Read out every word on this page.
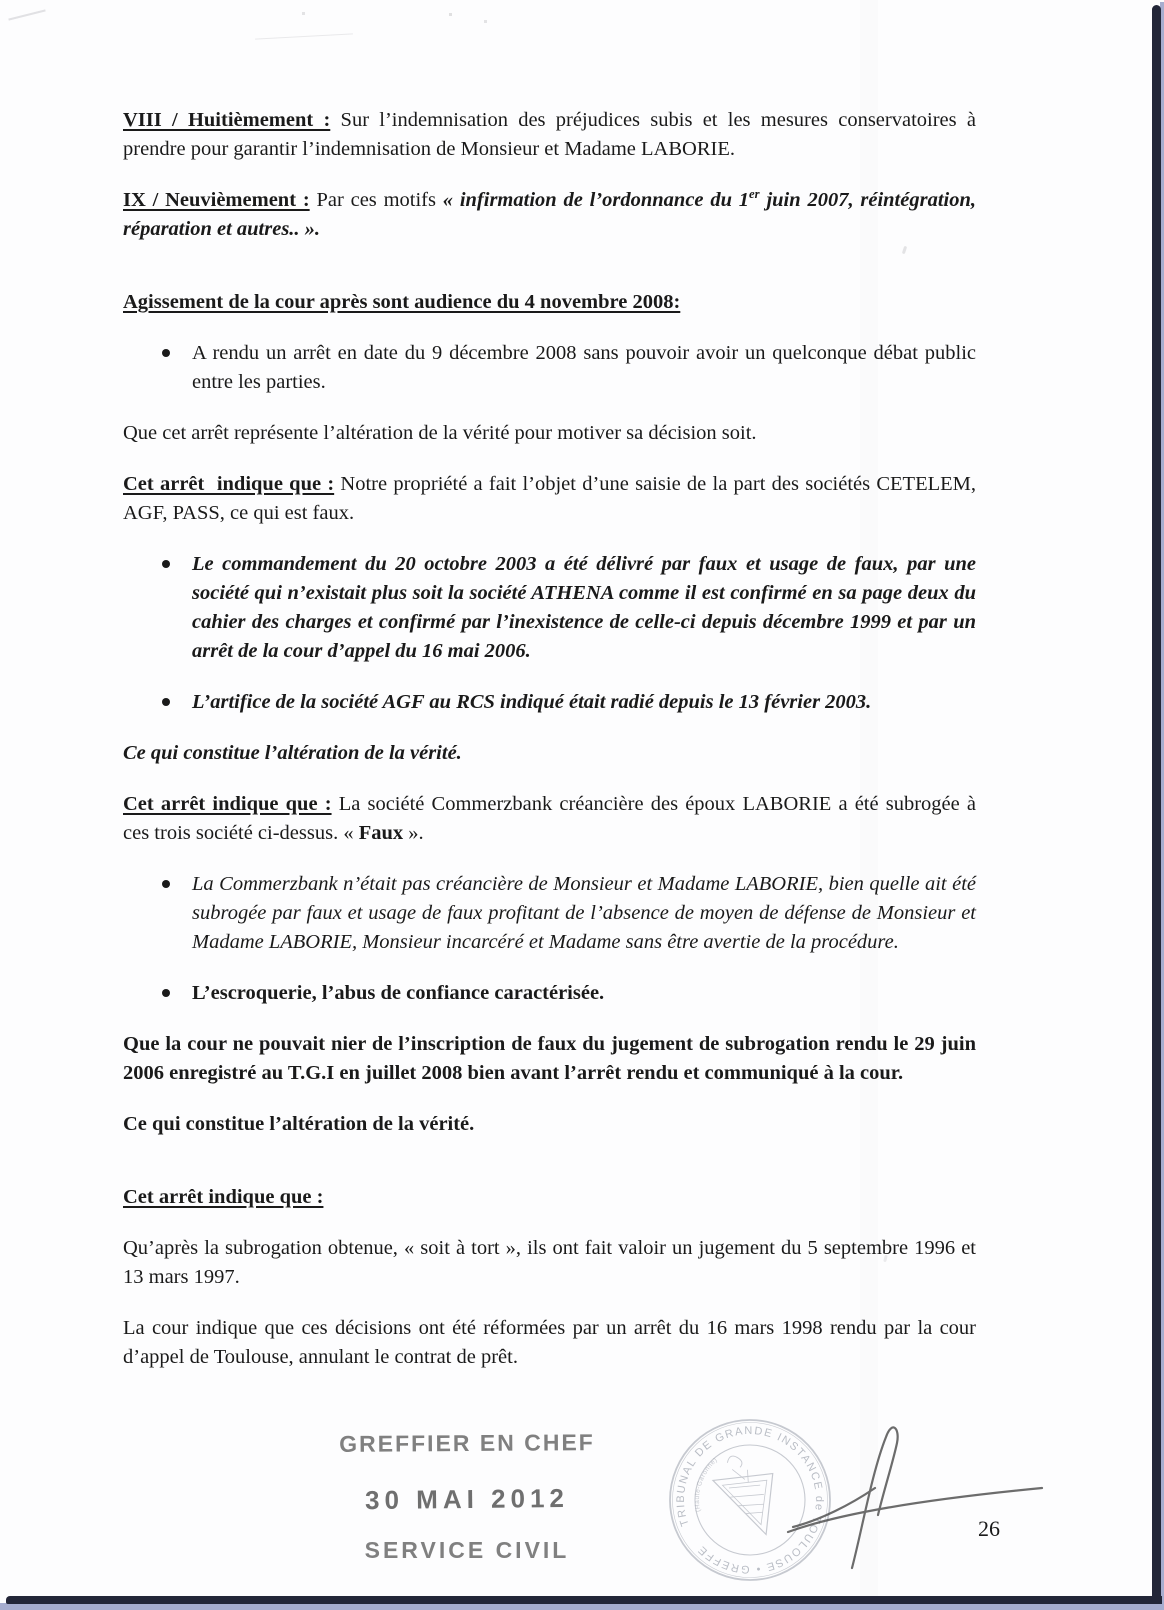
TRIBUNAL DE GRANDE INSTANCE de TOULOUSE • GREFFE
(Haute-Garonne)

VIII / Huitièmement : Sur l’indemnisation des préjudices subis et les mesures conservatoires à prendre pour garantir l’indemnisation de Monsieur et Madame LABORIE.

IX / Neuvièmement : Par ces motifs « infirmation de l’ordonnance du 1er juin 2007, réintégration, réparation et autres.. ».

Agissement de la cour après sont audience du 4 novembre 2008:

A rendu un arrêt en date du 9 décembre 2008 sans pouvoir avoir un quelconque débat public entre les parties.

Que cet arrêt représente l’altération de la vérité pour motiver sa décision soit.

Cet arrêt  indique que : Notre propriété a fait l’objet d’une saisie de la part des sociétés CETELEM, AGF, PASS, ce qui est faux.

Le commandement du 20 octobre 2003 a été délivré par faux et usage de faux, par une société qui n’existait plus soit la société ATHENA comme il est confirmé en sa page deux du cahier des charges et confirmé par l’inexistence de celle-ci depuis décembre 1999 et par un arrêt de la cour d’appel du 16 mai 2006.

L’artifice de la société AGF au RCS indiqué était radié depuis le 13 février 2003.

Ce qui constitue l’altération de la vérité.

Cet arrêt indique que : La société Commerzbank créancière des époux LABORIE a été subrogée à ces trois société ci-dessus. « Faux ».

La Commerzbank n’était pas créancière de Monsieur et Madame LABORIE, bien quelle ait été subrogée par faux et usage de faux profitant de l’absence de moyen de défense de Monsieur et Madame LABORIE, Monsieur incarcéré et Madame sans être avertie de la procédure.

L’escroquerie, l’abus de confiance caractérisée.

Que la cour ne pouvait nier de l’inscription de faux du jugement de subrogation rendu le 29 juin 2006 enregistré au T.G.I en juillet 2008 bien avant l’arrêt rendu et communiqué à la cour.

Ce qui constitue l’altération de la vérité.

Cet arrêt indique que :

Qu’après la subrogation obtenue, « soit à tort », ils ont fait valoir un jugement du 5 septembre 1996 et 13 mars 1997.

La cour indique que ces décisions ont été réformées par un arrêt du 16 mars 1998 rendu par la cour d’appel de Toulouse, annulant le contrat de prêt.

GREFFIER EN CHEF
30 MAI 2012
SERVICE CIVIL
26
